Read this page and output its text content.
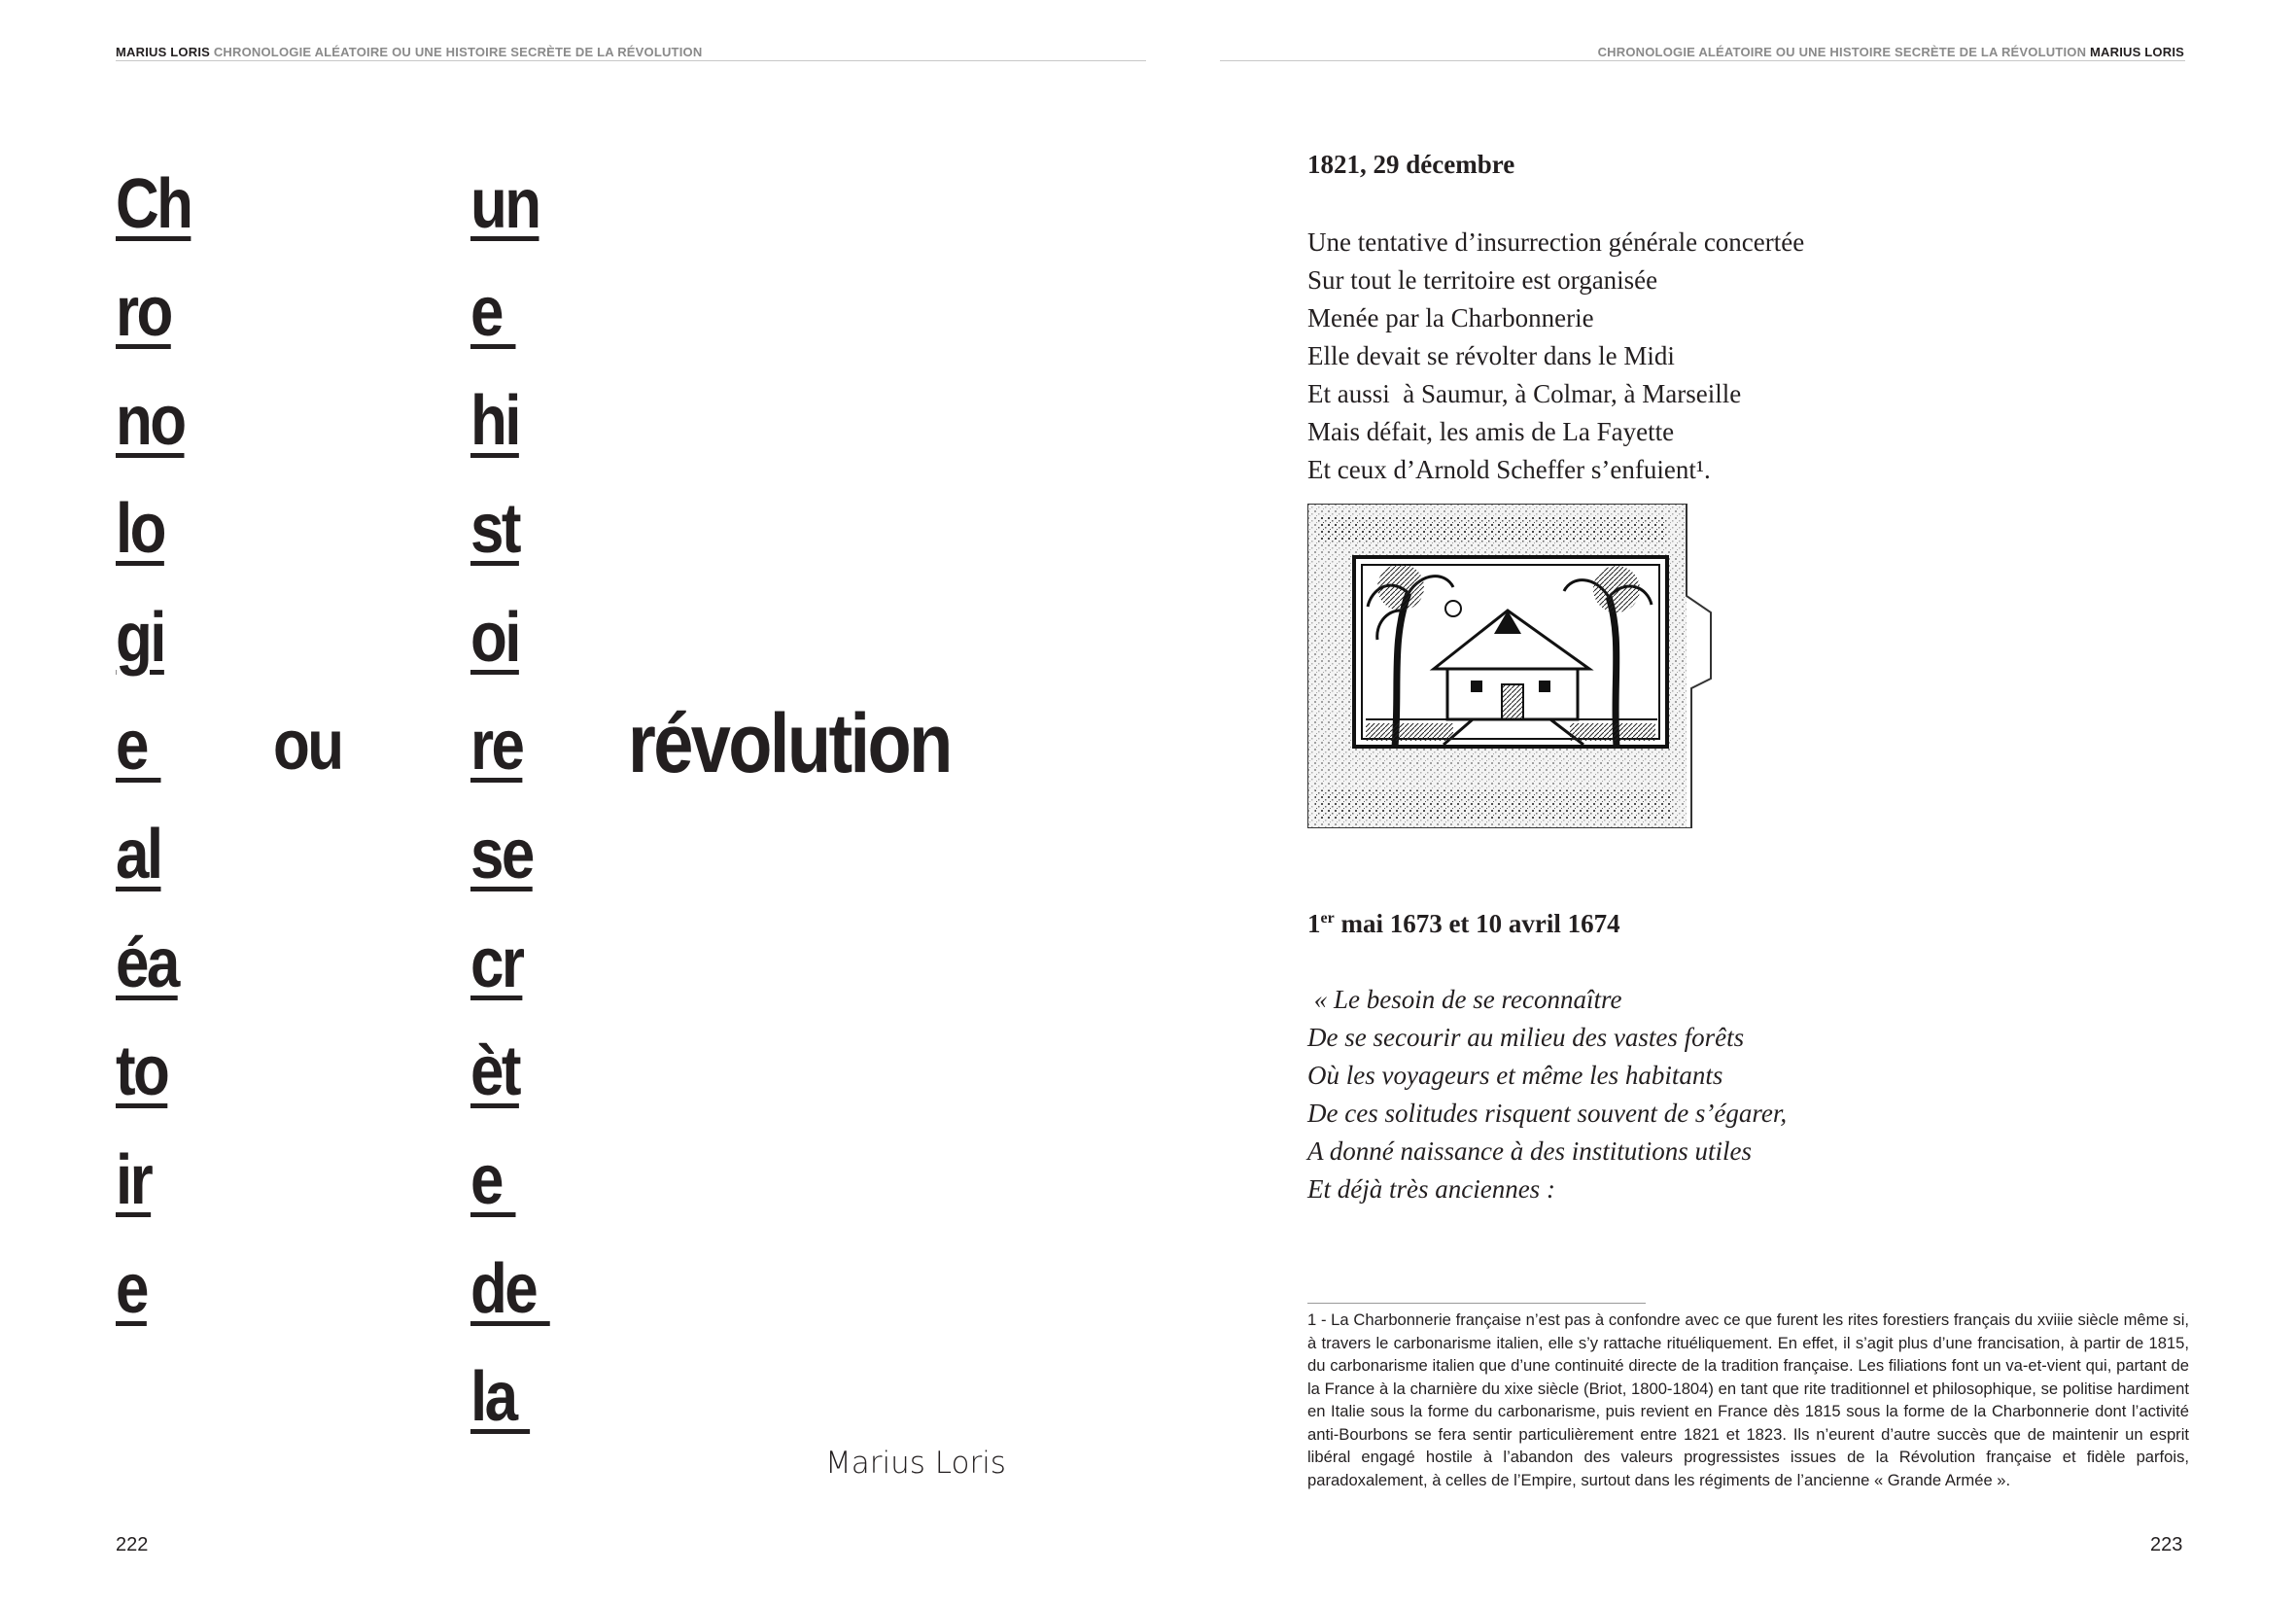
MARIUS LORIS CHRONOLOGIE ALÉATOIRE OU UNE HISTOIRE SECRÈTE DE LA RÉVOLUTION	CHRONOLOGIE ALÉATOIRE OU UNE HISTOIRE SECRÈTE DE LA RÉVOLUTION MARIUS LORIS
Ch
ro
no
lo
gi
e
al
éa
to
ir
e
ou
un
e
hi
st
oi
re
se
cr
èt
e
de
la
révolution
Marius Loris
222
1821, 29 décembre
Une tentative d’insurrection générale concertée
Sur tout le territoire est organisée
Menée par la Charbonnerie
Elle devait se révolter dans le Midi
Et aussi  à Saumur, à Colmar, à Marseille
Mais défait, les amis de La Fayette
Et ceux d’Arnold Scheffer s’enfuient¹.
1er mai 1673 et 10 avril 1674
« Le besoin de se reconnaître
De se secourir au milieu des vastes forêts
Où les voyageurs et même les habitants
De ces solitudes risquent souvent de s’égarer,
A donné naissance à des institutions utiles
Et déjà très anciennes :
1 - La Charbonnerie française n’est pas à confondre avec ce que furent les rites forestiers français du xviiie siècle même si, à travers le carbonarisme italien, elle s’y rattache rituéliquement. En effet, il s’agit plus d’une francisation, à partir de 1815, du carbonarisme italien que d’une continuité directe de la tradition française. Les filiations font un va-et-vient qui, partant de la France à la charnière du xixe siècle (Briot, 1800-1804) en tant que rite traditionnel et philosophique, se politise hardiment en Italie sous la forme du carbonarisme, puis revient en France dès 1815 sous la forme de la Charbonnerie dont l’activité anti-Bourbons se fera sentir particulièrement entre 1821 et 1823. Ils n’eurent d’autre succès que de maintenir un esprit libéral engagé hostile à l’abandon des valeurs progressistes issues de la Révolution française et fidèle parfois, paradoxalement, à celles de l’Empire, surtout dans les régiments de l’ancienne « Grande Armée ».
223
